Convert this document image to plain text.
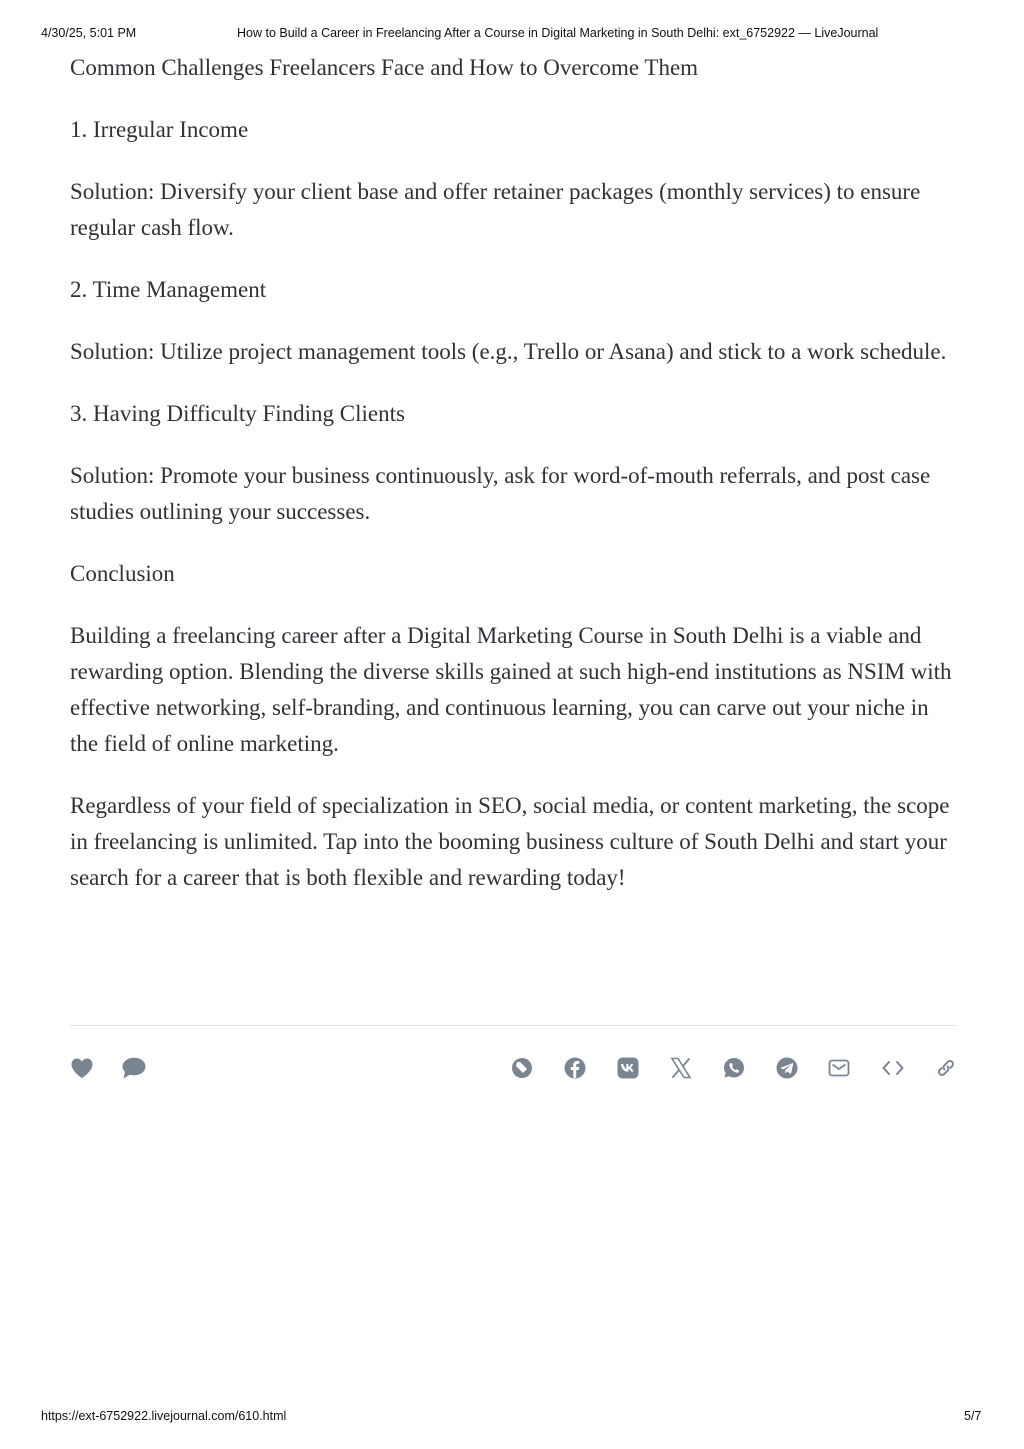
4/30/25, 5:01 PM	How to Build a Career in Freelancing After a Course in Digital Marketing in South Delhi: ext_6752922 — LiveJournal

Common Challenges Freelancers Face and How to Overcome Them

1. Irregular Income

Solution: Diversify your client base and offer retainer packages (monthly services) to ensure regular cash flow.

2. Time Management

Solution: Utilize project management tools (e.g., Trello or Asana) and stick to a work schedule.

3. Having Difficulty Finding Clients

Solution: Promote your business continuously, ask for word-of-mouth referrals, and post case studies outlining your successes.

Conclusion

Building a freelancing career after a Digital Marketing Course in South Delhi is a viable and rewarding option. Blending the diverse skills gained at such high-end institutions as NSIM with effective networking, self-branding, and continuous learning, you can carve out your niche in the field of online marketing.

Regardless of your field of specialization in SEO, social media, or content marketing, the scope in freelancing is unlimited. Tap into the booming business culture of South Delhi and start your search for a career that is both flexible and rewarding today!

https://ext-6752922.livejournal.com/610.html	5/7
